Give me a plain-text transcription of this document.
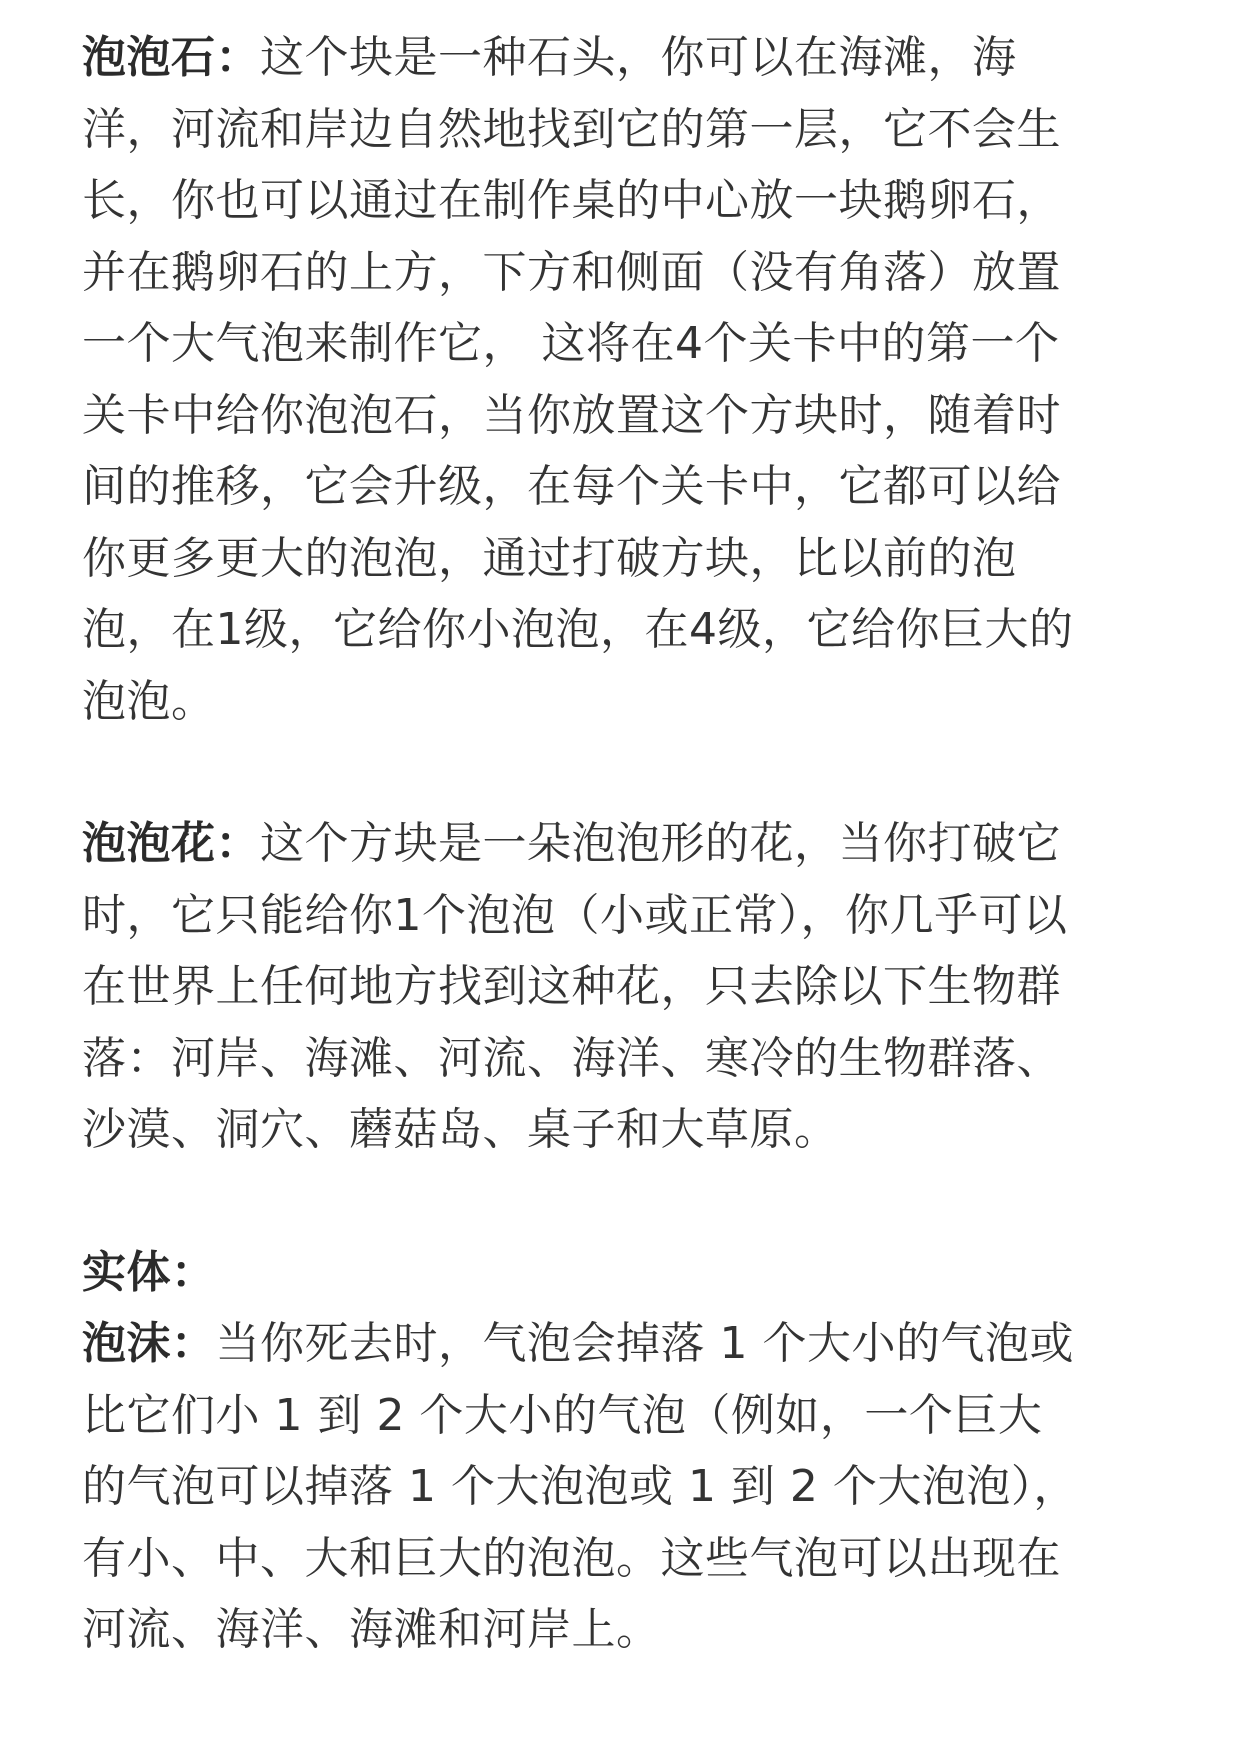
泡泡石：这个块是一种石头，你可以在海滩，海洋，河流和岸边自然地找到它的第一层，它不会生长，你也可以通过在制作桌的中心放一块鹅卵石，并在鹅卵石的上方，下方和侧面（没有角落）放置一个大气泡来制作它， 这将在4个关卡中的第一个关卡中给你泡泡石，当你放置这个方块时，随着时间的推移，它会升级，在每个关卡中，它都可以给你更多更大的泡泡，通过打破方块，比以前的泡泡，在1级，它给你小泡泡，在4级，它给你巨大的泡泡。

泡泡花：这个方块是一朵泡泡形的花，当你打破它时，它只能给你1个泡泡（小或正常），你几乎可以在世界上任何地方找到这种花，只去除以下生物群落：河岸、海滩、河流、海洋、寒冷的生物群落、沙漠、洞穴、蘑菇岛、桌子和大草原。

实体：

泡沫：当你死去时，气泡会掉落 1 个大小的气泡或比它们小 1 到 2 个大小的气泡（例如，一个巨大的气泡可以掉落 1 个大泡泡或 1 到 2 个大泡泡），有小、中、大和巨大的泡泡。这些气泡可以出现在河流、海洋、海滩和河岸上。
